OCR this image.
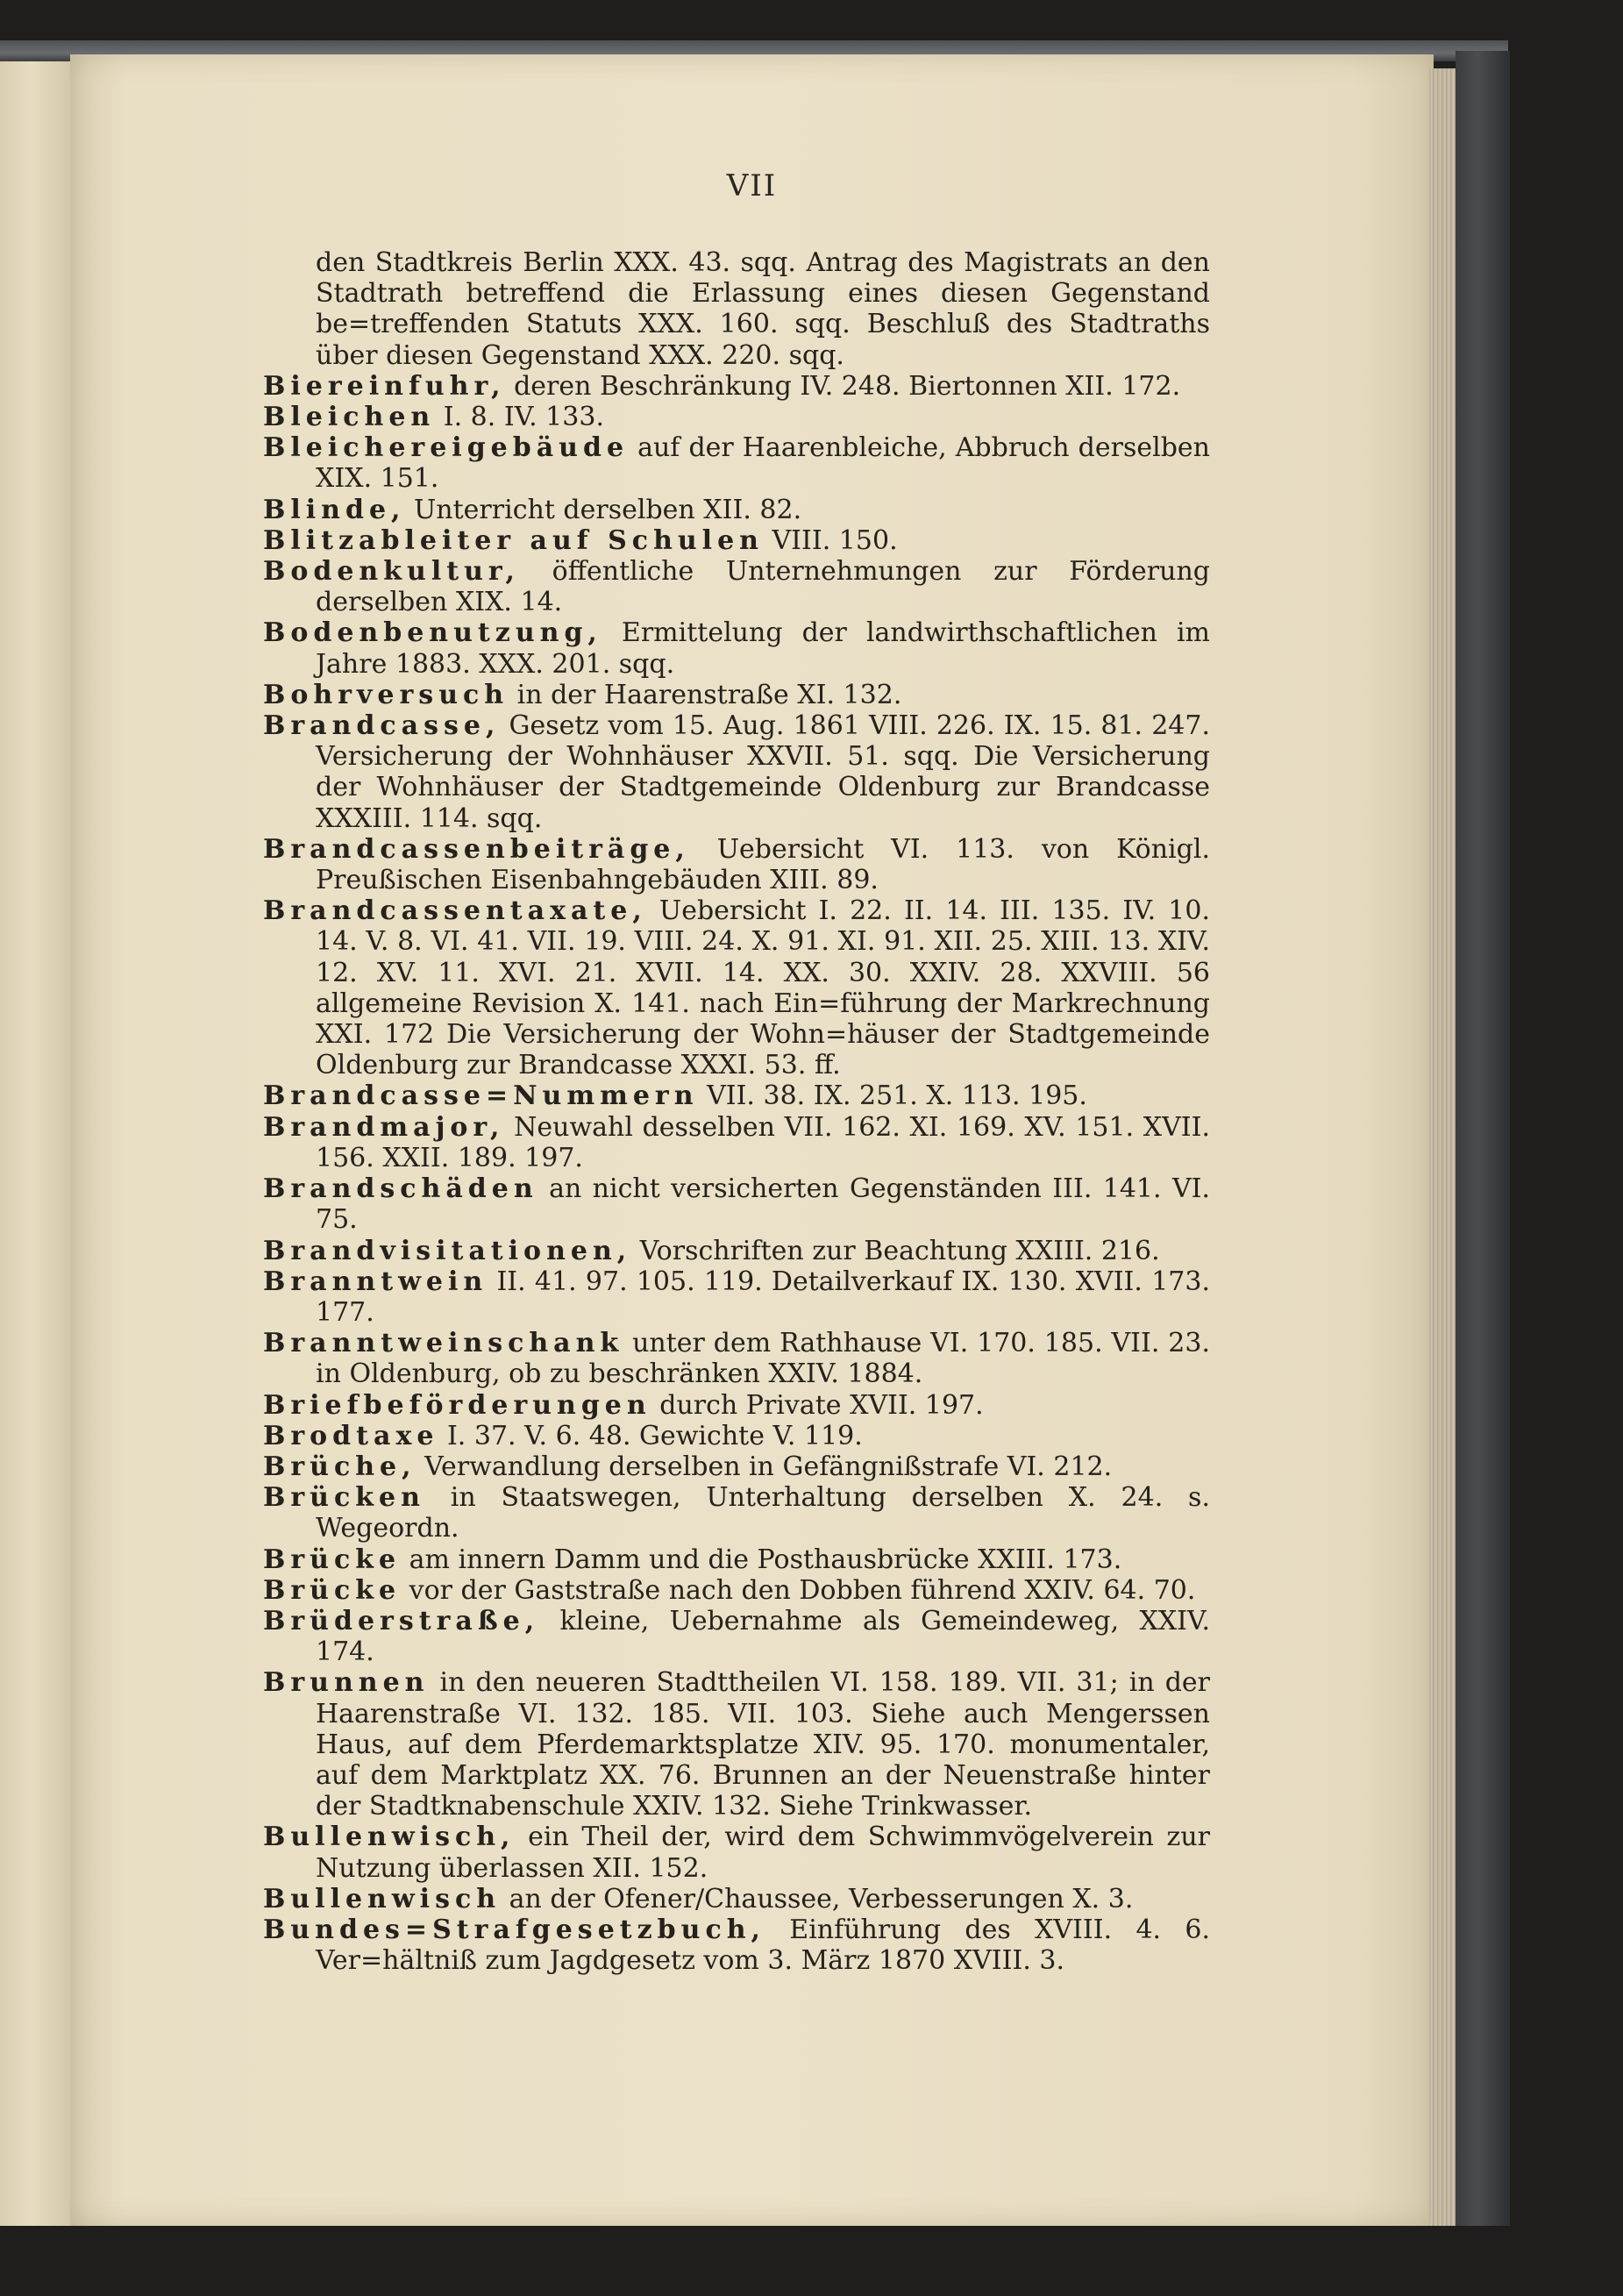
VII

den Stadtkreis Berlin XXX. 43. sqq. Antrag des Magistrats an den Stadtrath betreffend die Erlassung eines diesen Gegenstand be=treffenden Statuts XXX. 160. sqq. Beschluß des Stadtraths über diesen Gegenstand XXX. 220. sqq.

Biereinfuhr, deren Beschränkung IV. 248. Biertonnen XII. 172.

Bleichen I. 8. IV. 133.

Bleichereigebäude auf der Haarenbleiche, Abbruch derselben XIX. 151.

Blinde, Unterricht derselben XII. 82.

Blitzableiter auf Schulen VIII. 150.

Bodenkultur, öffentliche Unternehmungen zur Förderung derselben XIX. 14.

Bodenbenutzung, Ermittelung der landwirthschaftlichen im Jahre 1883. XXX. 201. sqq.

Bohrversuch in der Haarenstraße XI. 132.

Brandcasse, Gesetz vom 15. Aug. 1861 VIII. 226. IX. 15. 81. 247. Versicherung der Wohnhäuser XXVII. 51. sqq. Die Versicherung der Wohnhäuser der Stadtgemeinde Oldenburg zur Brandcasse XXXIII. 114. sqq.

Brandcassenbeiträge, Uebersicht VI. 113. von Königl. Preußischen Eisenbahngebäuden XIII. 89.

Brandcassentaxate, Uebersicht I. 22. II. 14. III. 135. IV. 10. 14. V. 8. VI. 41. VII. 19. VIII. 24. X. 91. XI. 91. XII. 25. XIII. 13. XIV. 12. XV. 11. XVI. 21. XVII. 14. XX. 30. XXIV. 28. XXVIII. 56 allgemeine Revision X. 141. nach Ein=führung der Markrechnung XXI. 172 Die Versicherung der Wohn=häuser der Stadtgemeinde Oldenburg zur Brandcasse XXXI. 53. ff.

Brandcasse=Nummern VII. 38. IX. 251. X. 113. 195.

Brandmajor, Neuwahl desselben VII. 162. XI. 169. XV. 151. XVII. 156. XXII. 189. 197.

Brandschäden an nicht versicherten Gegenständen III. 141. VI. 75.

Brandvisitationen, Vorschriften zur Beachtung XXIII. 216.

Branntwein II. 41. 97. 105. 119. Detailverkauf IX. 130. XVII. 173. 177.

Branntweinschank unter dem Rathhause VI. 170. 185. VII. 23. in Oldenburg, ob zu beschränken XXIV. 1884.

Briefbeförderungen durch Private XVII. 197.

Brodtaxe I. 37. V. 6. 48. Gewichte V. 119.

Brüche, Verwandlung derselben in Gefängnißstrafe VI. 212.

Brücken in Staatswegen, Unterhaltung derselben X. 24. s. Wegeordn.

Brücke am innern Damm und die Posthausbrücke XXIII. 173.

Brücke vor der Gaststraße nach den Dobben führend XXIV. 64. 70.

Brüderstraße, kleine, Uebernahme als Gemeindeweg, XXIV. 174.

Brunnen in den neueren Stadttheilen VI. 158. 189. VII. 31; in der Haarenstraße VI. 132. 185. VII. 103. Siehe auch Mengerssen Haus, auf dem Pferdemarktsplatze XIV. 95. 170. monumentaler, auf dem Marktplatz XX. 76. Brunnen an der Neuenstraße hinter der Stadtknabenschule XXIV. 132. Siehe Trinkwasser.

Bullenwisch, ein Theil der, wird dem Schwimmvögelverein zur Nutzung überlassen XII. 152.

Bullenwisch an der Ofener/Chaussee, Verbesserungen X. 3.

Bundes=Strafgesetzbuch, Einführung des XVIII. 4. 6. Ver=hältniß zum Jagdgesetz vom 3. März 1870 XVIII. 3.
